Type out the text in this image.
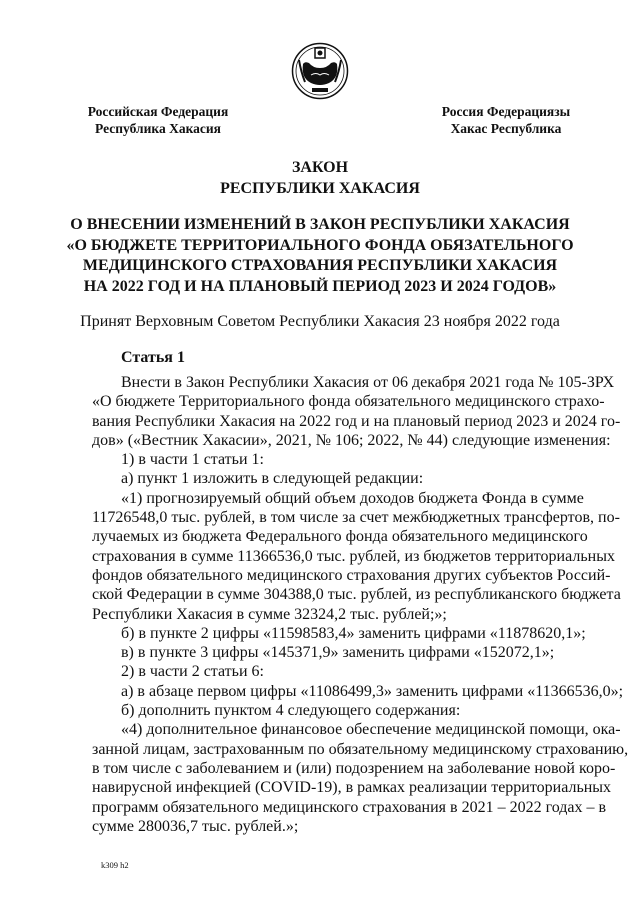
Российская Федерация
Республика Хакасия
Россия Федерациязы
Хакас Республика
ЗАКОН
РЕСПУБЛИКИ ХАКАСИЯ
О ВНЕСЕНИИ ИЗМЕНЕНИЙ В ЗАКОН РЕСПУБЛИКИ ХАКАСИЯ
«О БЮДЖЕТЕ ТЕРРИТОРИАЛЬНОГО ФОНДА ОБЯЗАТЕЛЬНОГО
МЕДИЦИНСКОГО СТРАХОВАНИЯ РЕСПУБЛИКИ ХАКАСИЯ
НА 2022 ГОД И НА ПЛАНОВЫЙ ПЕРИОД 2023 И 2024 ГОДОВ»
Принят Верховным Советом Республики Хакасия 23 ноября 2022 года
Статья 1
Внести в Закон Республики Хакасия от 06 декабря 2021 года № 105-ЗРХ
«О бюджете Территориального фонда обязательного медицинского страхо-
вания Республики Хакасия на 2022 год и на плановый период 2023 и 2024 го-
дов» («Вестник Хакасии», 2021, № 106; 2022, № 44) следующие изменения:
1) в части 1 статьи 1:
а) пункт 1 изложить в следующей редакции:
«1) прогнозируемый общий объем доходов бюджета Фонда в сумме
11726548,0 тыс. рублей, в том числе за счет межбюджетных трансфертов, по-
лучаемых из бюджета Федерального фонда обязательного медицинского
страхования в сумме 11366536,0 тыс. рублей, из бюджетов территориальных
фондов обязательного медицинского страхования других субъектов Россий-
ской Федерации в сумме 304388,0 тыс. рублей, из республиканского бюджета
Республики Хакасия в сумме 32324,2 тыс. рублей;»;
б) в пункте 2 цифры «11598583,4» заменить цифрами «11878620,1»;
в) в пункте 3 цифры «145371,9» заменить цифрами «152072,1»;
2) в части 2 статьи 6:
а) в абзаце первом цифры «11086499,3» заменить цифрами «11366536,0»;
б) дополнить пунктом 4 следующего содержания:
«4) дополнительное финансовое обеспечение медицинской помощи, ока-
занной лицам, застрахованным по обязательному медицинскому страхованию,
в том числе с заболеванием и (или) подозрением на заболевание новой коро-
навирусной инфекцией (COVID-19), в рамках реализации территориальных
программ обязательного медицинского страхования в 2021 – 2022 годах – в
сумме 280036,7 тыс. рублей.»;
k309 h2
